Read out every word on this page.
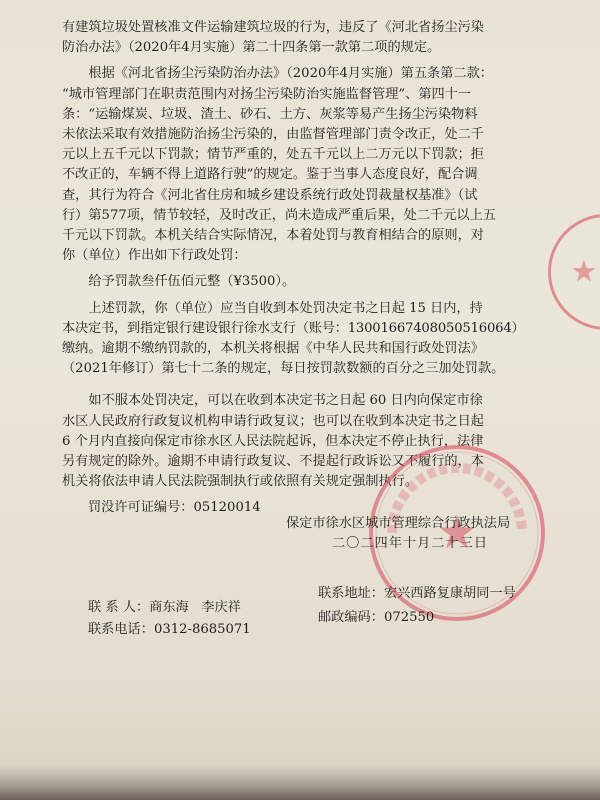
有建筑垃圾处置核准文件运输建筑垃圾的行为，违反了《河北省扬尘污染

防治办法》（2020年4月实施）第二十四条第一款第二项的规定。

根据《河北省扬尘污染防治办法》（2020年4月实施）第五条第二款：

“城市管理部门在职责范围内对扬尘污染防治实施监督管理”、第四十一

条：“运输煤炭、垃圾、渣土、砂石、土方、灰浆等易产生扬尘污染物料

未依法采取有效措施防治扬尘污染的，由监督管理部门责令改正，处二千

元以上五千元以下罚款；情节严重的，处五千元以上二万元以下罚款；拒

不改正的，车辆不得上道路行驶”的规定。鉴于当事人态度良好，配合调

查，其行为符合《河北省住房和城乡建设系统行政处罚裁量权基准》（试

行）第577项，情节较轻，及时改正，尚未造成严重后果，处二千元以上五

千元以下罚款。本机关结合实际情况，本着处罚与教育相结合的原则，对

你（单位）作出如下行政处罚：

给予罚款叁仟伍佰元整（¥3500）。

上述罚款，你（单位）应当自收到本处罚决定书之日起 15 日内，持

本决定书，到指定银行建设银行徐水支行（账号：13001667408050516064）

缴纳。逾期不缴纳罚款的，本机关将根据《中华人民共和国行政处罚法》

（2021年修订）第七十二条的规定，每日按罚款数额的百分之三加处罚款。

如不服本处罚决定，可以在收到本决定书之日起 60 日内向保定市徐

水区人民政府行政复议机构申请行政复议；也可以在收到本决定书之日起

6 个月内直接向保定市徐水区人民法院起诉，但本决定不停止执行，法律

另有规定的除外。逾期不申请行政复议、不提起行政诉讼又不履行的，本

机关将依法申请人民法院强制执行或依照有关规定强制执行。

★
★
罚没许可证编号：05120014
保定市徐水区城市管理综合行政执法局
二〇二四年十月二十三日
联 系 人：商东海   李庆祥
联系电话：0312-8685071
联系地址：宏兴西路复康胡同一号
邮政编码：072550
